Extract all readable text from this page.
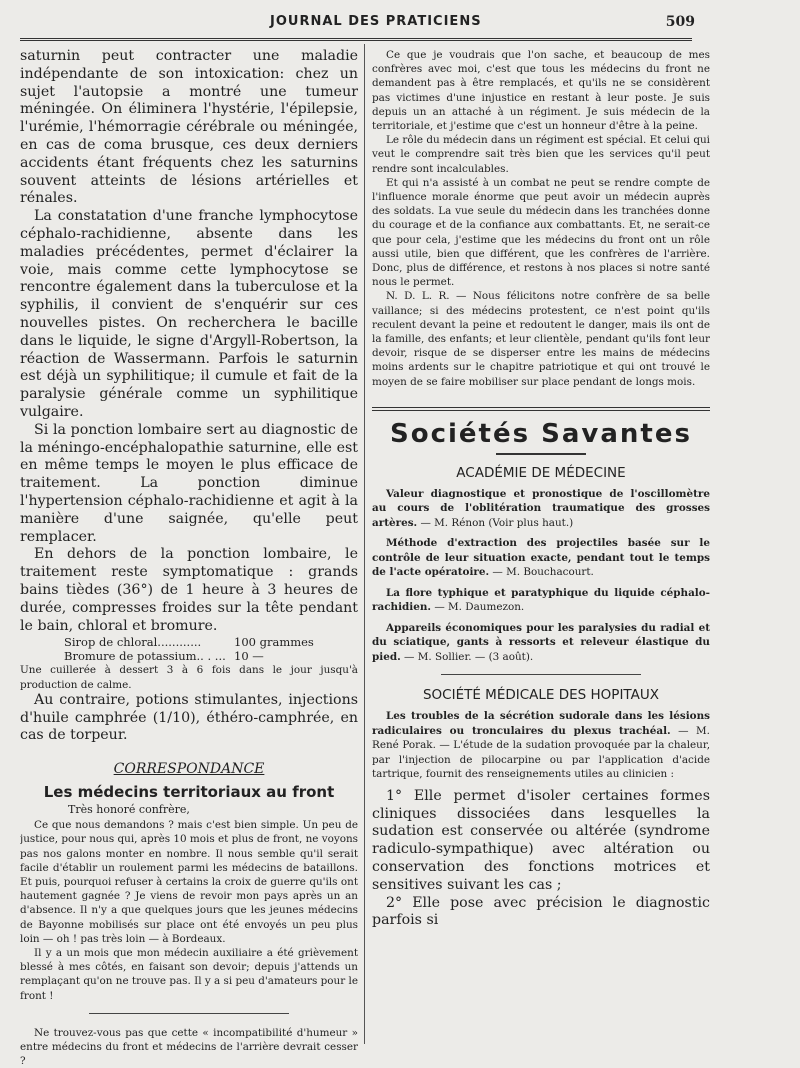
JOURNAL DES PRATICIENS	509

saturnin peut contracter une maladie indépendante de son intoxication: chez un sujet l'autopsie a montré une tumeur méningée. On éliminera l'hystérie, l'épilepsie, l'urémie, l'hémorragie cérébrale ou méningée, en cas de coma brusque, ces deux derniers accidents étant fréquents chez les saturnins souvent atteints de lésions artérielles et rénales.

La constatation d'une franche lymphocytose céphalo-rachidienne, absente dans les maladies précédentes, permet d'éclairer la voie, mais comme cette lymphocytose se rencontre également dans la tuberculose et la syphilis, il convient de s'enquérir sur ces nouvelles pistes. On recherchera le bacille dans le liquide, le signe d'Argyll-Robertson, la réaction de Wassermann. Parfois le saturnin est déjà un syphilitique; il cumule et fait de la paralysie générale comme un syphilitique vulgaire.

Si la ponction lombaire sert au diagnostic de la méningo-encéphalopathie saturnine, elle est en même temps le moyen le plus efficace de traitement. La ponction diminue l'hypertension céphalo-rachidienne et agit à la manière d'une saignée, qu'elle peut remplacer.

En dehors de la ponction lombaire, le traitement reste symptomatique : grands bains tièdes (36°) de 1 heure à 3 heures de durée, compresses froides sur la tête pendant le bain, chloral et bromure.

Sirop de chloral............	100 grammes
Bromure de potassium.. . ... 10 —

Une cuillerée à dessert 3 à 6 fois dans le jour jusqu'à production de calme.

Au contraire, potions stimulantes, injections d'huile camphrée (1/10), éthéro-camphrée, en cas de torpeur.

CORRESPONDANCE
Les médecins territoriaux au front
Très honoré confrère,

Ce que nous demandons ? mais c'est bien simple. Un peu de justice, pour nous qui, après 10 mois et plus de front, ne voyons pas nos galons monter en nombre. Il nous semble qu'il serait facile d'établir un roulement parmi les médecins de bataillons. Et puis, pourquoi refuser à certains la croix de guerre qu'ils ont hautement gagnée ? Je viens de revoir mon pays après un an d'absence. Il n'y a que quelques jours que les jeunes médecins de Bayonne mobilisés sur place ont été envoyés un peu plus loin — oh ! pas très loin — à Bordeaux.

Il y a un mois que mon médecin auxiliaire a été grièvement blessé à mes côtés, en faisant son devoir; depuis j'attends un remplaçant qu'on ne trouve pas. Il y a si peu d'amateurs pour le front !

Ne trouvez-vous pas que cette « incompatibilité d'humeur » entre médecins du front et médecins de l'arrière devrait cesser ?

Ce que je voudrais que l'on sache, et beaucoup de mes confrères avec moi, c'est que tous les médecins du front ne demandent pas à être remplacés, et qu'ils ne se considèrent pas victimes d'une injustice en restant à leur poste. Je suis depuis un an attaché à un régiment. Je suis médecin de la territoriale, et j'estime que c'est un honneur d'être à la peine.

Le rôle du médecin dans un régiment est spécial. Et celui qui veut le comprendre sait très bien que les services qu'il peut rendre sont incalculables.

Et qui n'a assisté à un combat ne peut se rendre compte de l'influence morale énorme que peut avoir un médecin auprès des soldats. La vue seule du médecin dans les tranchées donne du courage et de la confiance aux combattants. Et, ne serait-ce que pour cela, j'estime que les médecins du front ont un rôle aussi utile, bien que différent, que les confrères de l'arrière. Donc, plus de différence, et restons à nos places si notre santé nous le permet.

N. D. L. R. — Nous félicitons notre confrère de sa belle vaillance; si des médecins protestent, ce n'est point qu'ils reculent devant la peine et redoutent le danger, mais ils ont de la famille, des enfants; et leur clientèle, pendant qu'ils font leur devoir, risque de se disperser entre les mains de médecins moins ardents sur le chapitre patriotique et qui ont trouvé le moyen de se faire mobiliser sur place pendant de longs mois.

Sociétés Savantes
ACADÉMIE DE MÉDECINE

Valeur diagnostique et pronostique de l'oscillomètre au cours de l'oblitération traumatique des grosses artères. — M. Rénon (Voir plus haut.)

Méthode d'extraction des projectiles basée sur le contrôle de leur situation exacte, pendant tout le temps de l'acte opératoire. — M. Bouchacourt.

La flore typhique et paratyphique du liquide céphalo-rachidien. — M. Daumezon.

Appareils économiques pour les paralysies du radial et du sciatique, gants à ressorts et releveur élastique du pied. — M. Sollier. — (3 août).

SOCIÉTÉ MÉDICALE DES HOPITAUX

Les troubles de la sécrétion sudorale dans les lésions radiculaires ou tronculaires du plexus trachéal. — M. René Porak. — L'étude de la sudation provoquée par la chaleur, par l'injection de pilocarpine ou par l'application d'acide tartrique, fournit des renseignements utiles au clinicien :

1° Elle permet d'isoler certaines formes cliniques dissociées dans lesquelles la sudation est conservée ou altérée (syndrome radiculo-sympathique) avec altération ou conservation des fonctions motrices et sensitives suivant les cas ;

2° Elle pose avec précision le diagnostic parfois si
